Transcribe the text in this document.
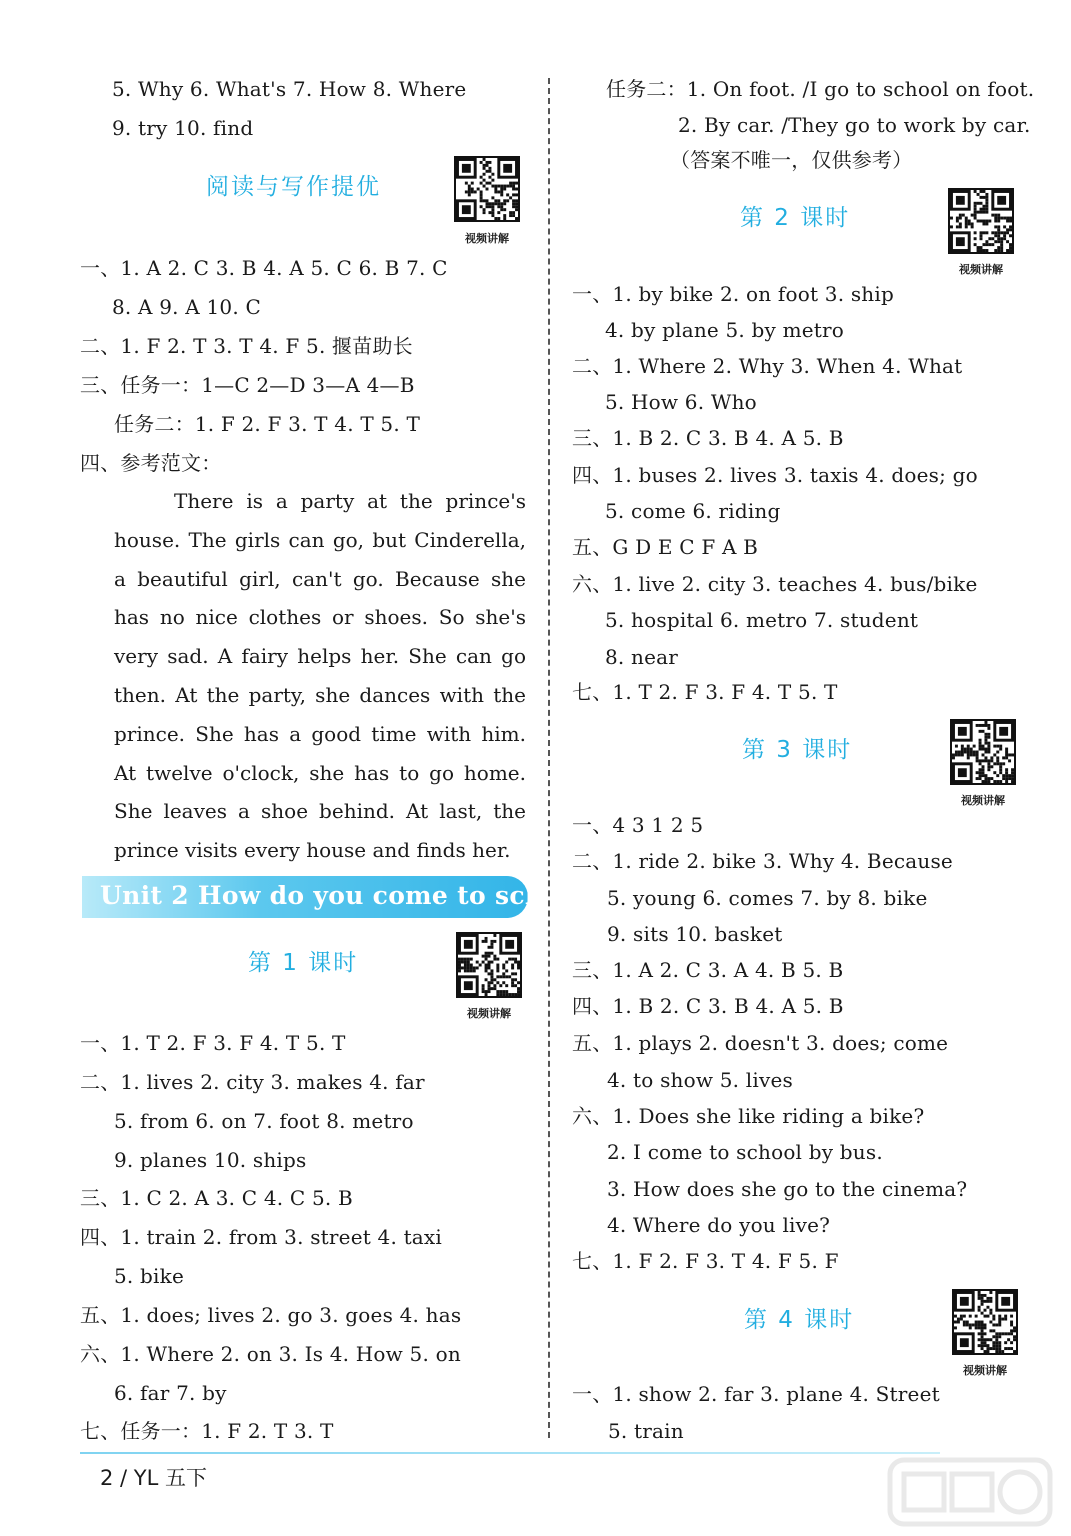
5. Why 6. What's 7. How 8. Where
9. try 10. find
阅读与写作提优
视频讲解
一、1. A 2. C 3. B 4. A 5. C 6. B 7. C
8. A 9. A 10. C
二、1. F 2. T 3. T 4. F 5. 揠苗助长
三、任务一：1—C 2—D 3—A 4—B
任务二：1. F 2. F 3. T 4. T 5. T
四、参考范文：
There is a party at the prince's house. The girls can go, but Cinderella, a beautiful girl, can't go. Because she has no nice clothes or shoes. So she's very sad. A fairy helps her. She can go then. At the party, she dances with the prince. She has a good time with him. At twelve o'clock, she has to go home. She leaves a shoe behind. At last, the prince visits every house and finds her.
第 1 课时
视频讲解
一、1. T 2. F 3. F 4. T 5. T
二、1. lives 2. city 3. makes 4. far
5. from 6. on 7. foot 8. metro
9. planes 10. ships
三、1. C 2. A 3. C 4. C 5. B
四、1. train 2. from 3. street 4. taxi
5. bike
五、1. does; lives 2. go 3. goes 4. has
六、1. Where 2. on 3. Is 4. How 5. on
6. far 7. by
七、任务一：1. F 2. T 3. T
Unit 2 How do you come to school?
任务二：1. On foot. /I go to school on foot.
2. By car. /They go to work by car.
（答案不唯一，仅供参考）
第 2 课时
视频讲解
一、1. by bike 2. on foot 3. ship
4. by plane 5. by metro
二、1. Where 2. Why 3. When 4. What
5. How 6. Who
三、1. B 2. C 3. B 4. A 5. B
四、1. buses 2. lives 3. taxis 4. does; go
5. come 6. riding
五、G D E C F A B
六、1. live 2. city 3. teaches 4. bus/bike
5. hospital 6. metro 7. student
8. near
七、1. T 2. F 3. F 4. T 5. T
第 3 课时
视频讲解
一、4 3 1 2 5
二、1. ride 2. bike 3. Why 4. Because
5. young 6. comes 7. by 8. bike
9. sits 10. basket
三、1. A 2. C 3. A 4. B 5. B
四、1. B 2. C 3. B 4. A 5. B
五、1. plays 2. doesn't 3. does; come
4. to show 5. lives
六、1. Does she like riding a bike?
2. I come to school by bus.
3. How does she go to the cinema?
4. Where do you live?
七、1. F 2. F 3. T 4. F 5. F
第 4 课时
视频讲解
一、1. show 2. far 3. plane 4. Street
5. train
2 / YL 五下
